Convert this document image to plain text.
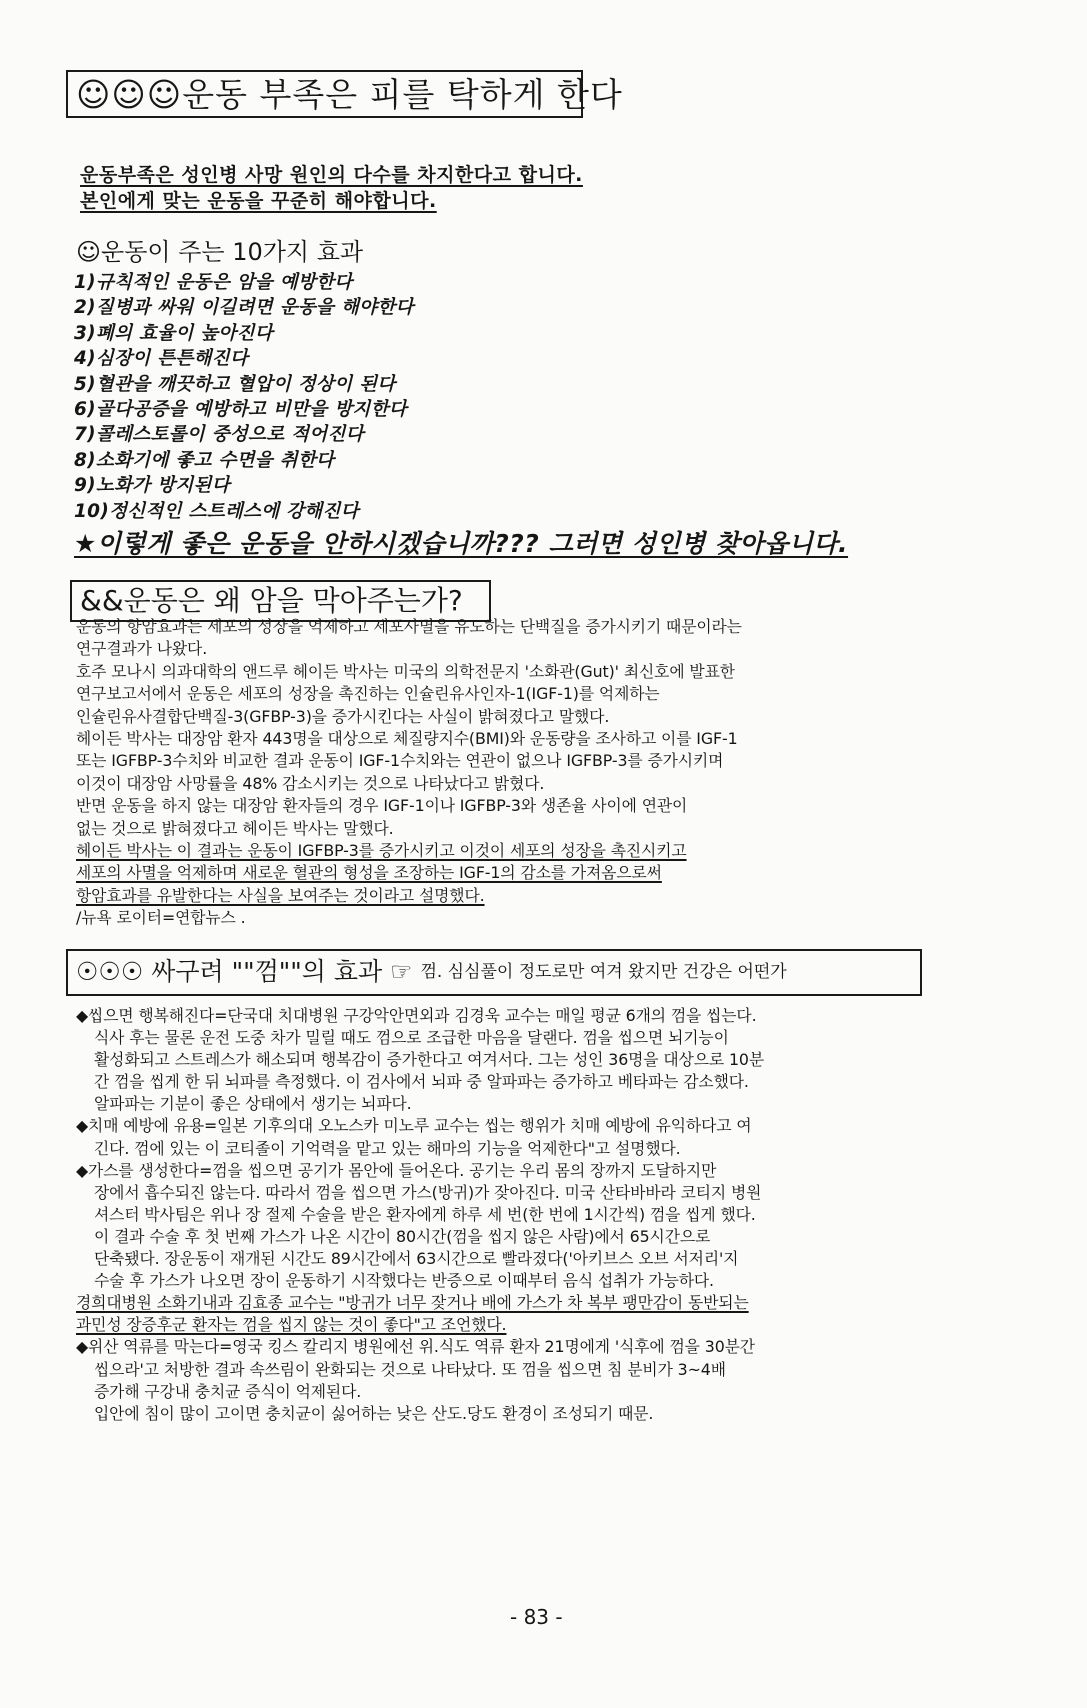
☺☺☺운동 부족은 피를 탁하게 한다
운동부족은 성인병 사망 원인의 다수를 차지한다고 합니다.
본인에게 맞는 운동을 꾸준히 해야합니다.
☺운동이 주는 10가지 효과
1)규칙적인 운동은 암을 예방한다
2)질병과 싸워 이길려면 운동을 해야한다
3)폐의 효율이 높아진다
4)심장이 튼튼해진다
5)혈관을 깨끗하고 혈압이 정상이 된다
6)골다공증을 예방하고 비만을 방지한다
7)콜레스토롤이 중성으로 적어진다
8)소화기에 좋고 수면을 취한다
9)노화가 방지된다
10)정신적인 스트레스에 강해진다
★이렇게 좋은 운동을 안하시겠습니까??? 그러면 성인병 찾아옵니다.
&&운동은 왜 암을 막아주는가?
운동의 항암효과는 세포의 성장을 억제하고 세포사멸을 유도하는 단백질을 증가시키기 때문이라는
연구결과가 나왔다.
호주 모나시 의과대학의 앤드루 헤이든 박사는 미국의 의학전문지 '소화관(Gut)' 최신호에 발표한
연구보고서에서 운동은 세포의 성장을 촉진하는 인슐린유사인자-1(IGF-1)를 억제하는
인슐린유사결합단백질-3(GFBP-3)을 증가시킨다는 사실이 밝혀졌다고 말했다.
헤이든 박사는 대장암 환자 443명을 대상으로 체질량지수(BMI)와 운동량을 조사하고 이를 IGF-1
또는 IGFBP-3수치와 비교한 결과 운동이 IGF-1수치와는 연관이 없으나 IGFBP-3를 증가시키며
이것이 대장암 사망률을 48% 감소시키는 것으로 나타났다고 밝혔다.
반면 운동을 하지 않는 대장암 환자들의 경우 IGF-1이나 IGFBP-3와 생존율 사이에 연관이
없는 것으로 밝혀졌다고 헤이든 박사는 말했다.
헤이든 박사는 이 결과는 운동이 IGFBP-3를 증가시키고 이것이 세포의 성장을 촉진시키고
세포의 사멸을 억제하며 새로운 혈관의 형성을 조장하는 IGF-1의 감소를 가져옴으로써
항암효과를 유발한다는 사실을 보여주는 것이라고 설명했다.
/뉴욕 로이터=연합뉴스 .
☉☉☉ 싸구려 ""껌""의 효과 ☞ 껌. 심심풀이 정도로만 여겨 왔지만 건강은 어떤가
◆씹으면 행복해진다=단국대 치대병원 구강악안면외과 김경욱 교수는 매일 평균 6개의 껌을 씹는다.
식사 후는 물론 운전 도중 차가 밀릴 때도 껌으로 조급한 마음을 달랜다. 껌을 씹으면 뇌기능이
활성화되고 스트레스가 해소되며 행복감이 증가한다고 여겨서다. 그는 성인 36명을 대상으로 10분
간 껌을 씹게 한 뒤 뇌파를 측정했다. 이 검사에서 뇌파 중 알파파는 증가하고 베타파는 감소했다.
알파파는 기분이 좋은 상태에서 생기는 뇌파다.
◆치매 예방에 유용=일본 기후의대 오노스카 미노루 교수는 씹는 행위가 치매 예방에 유익하다고 여
긴다. 껌에 있는 이 코티졸이 기억력을 맡고 있는 해마의 기능을 억제한다"고 설명했다.
◆가스를 생성한다=껌을 씹으면 공기가 몸안에 들어온다. 공기는 우리 몸의 장까지 도달하지만
장에서 흡수되진 않는다. 따라서 껌을 씹으면 가스(방귀)가 잦아진다. 미국 산타바바라 코티지 병원
셔스터 박사팀은 위나 장 절제 수술을 받은 환자에게 하루 세 번(한 번에 1시간씩) 껌을 씹게 했다.
이 결과 수술 후 첫 번째 가스가 나온 시간이 80시간(껌을 씹지 않은 사람)에서 65시간으로
단축됐다. 장운동이 재개된 시간도 89시간에서 63시간으로 빨라졌다('아키브스 오브 서저리'지
수술 후 가스가 나오면 장이 운동하기 시작했다는 반증으로 이때부터 음식 섭취가 가능하다.
경희대병원 소화기내과 김효종 교수는 "방귀가 너무 잦거나 배에 가스가 차 복부 팽만감이 동반되는
과민성 장증후군 환자는 껌을 씹지 않는 것이 좋다"고 조언했다.
◆위산 역류를 막는다=영국 킹스 칼리지 병원에선 위.식도 역류 환자 21명에게 '식후에 껌을 30분간
씹으라'고 처방한 결과 속쓰림이 완화되는 것으로 나타났다. 또 껌을 씹으면 침 분비가 3~4배
증가해 구강내 충치균 증식이 억제된다.
입안에 침이 많이 고이면 충치균이 싫어하는 낮은 산도.당도 환경이 조성되기 때문.
- 83 -
